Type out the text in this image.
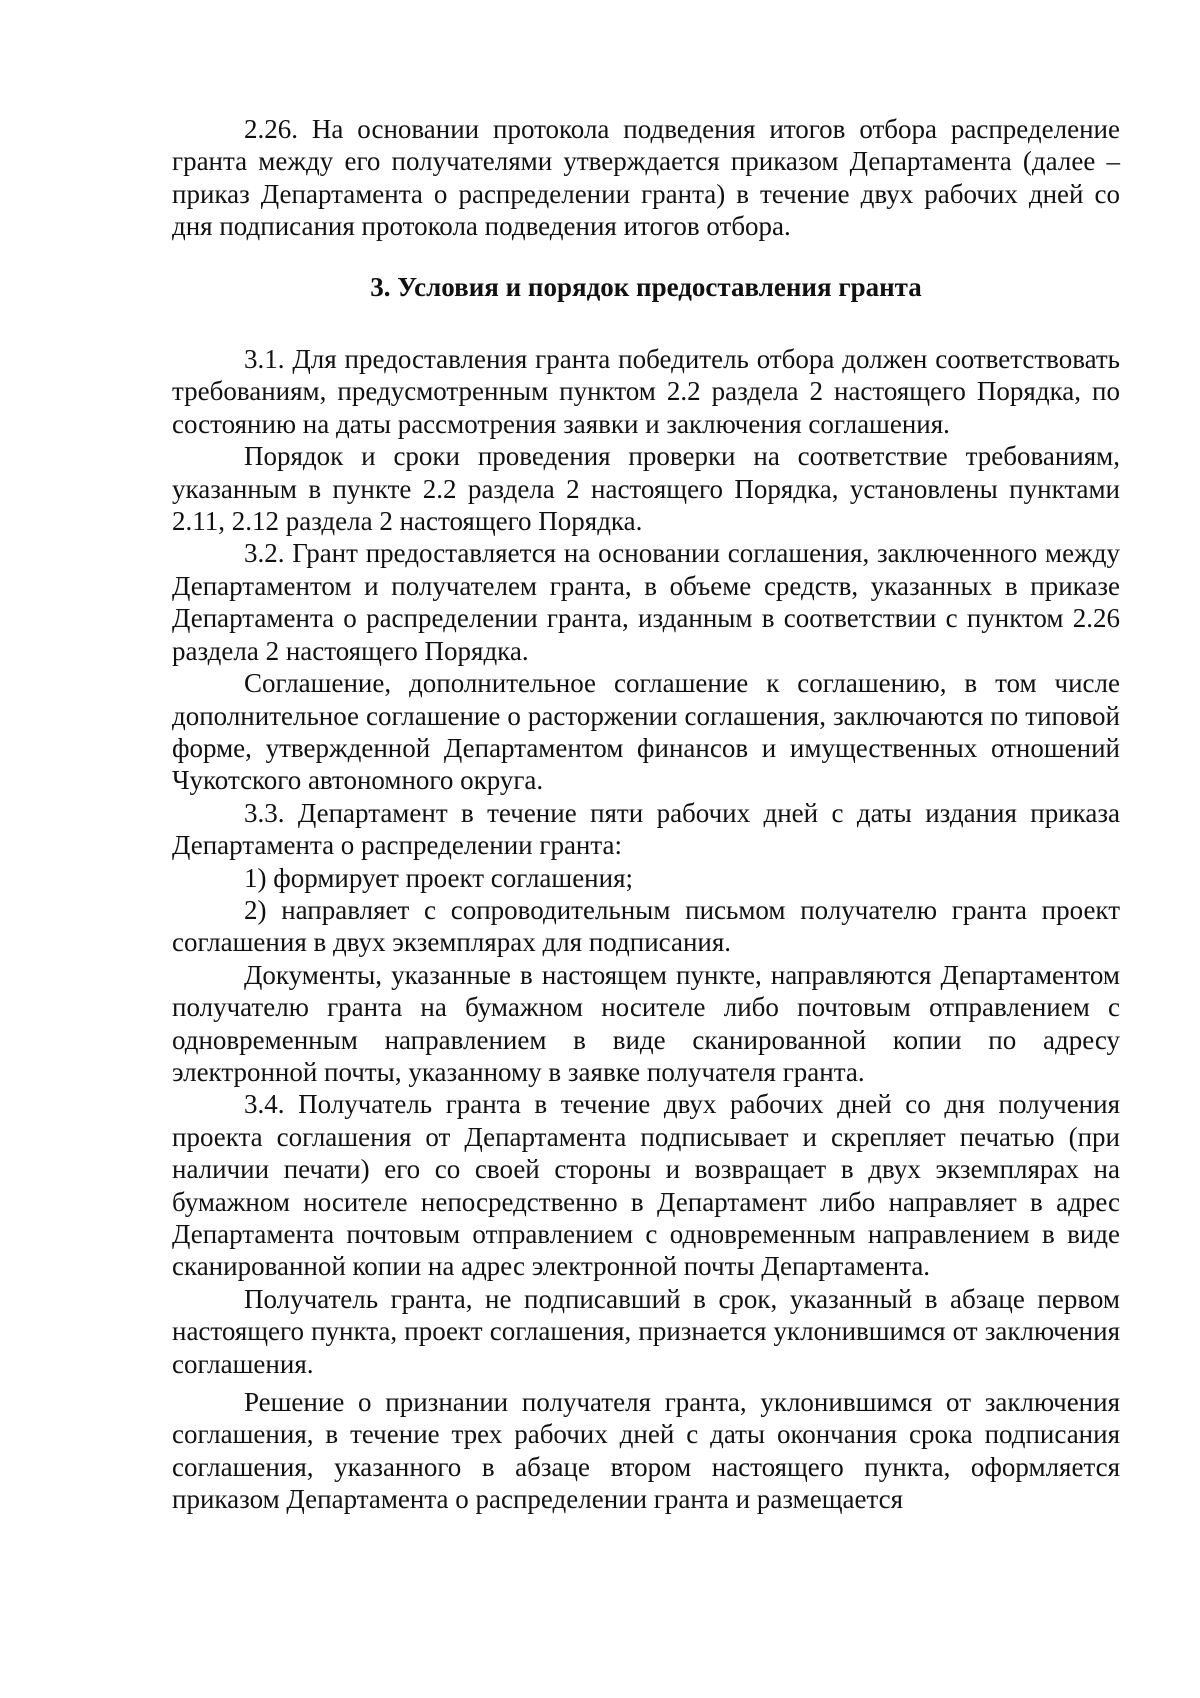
2.26. На основании протокола подведения итогов отбора распределение гранта между его получателями утверждается приказом Департамента (далее – приказ Департамента о распределении гранта) в течение двух рабочих дней со дня подписания протокола подведения итогов отбора.

3. Условия и порядок предоставления гранта

3.1. Для предоставления гранта победитель отбора должен соответствовать требованиям, предусмотренным пунктом 2.2 раздела 2 настоящего Порядка, по состоянию на даты рассмотрения заявки и заключения соглашения.

Порядок и сроки проведения проверки на соответствие требованиям, указанным в пункте 2.2 раздела 2 настоящего Порядка, установлены пунктами 2.11, 2.12 раздела 2 настоящего Порядка.

3.2. Грант предоставляется на основании соглашения, заключенного между Департаментом и получателем гранта, в объеме средств, указанных в приказе Департамента о распределении гранта, изданным в соответствии с пунктом 2.26 раздела 2 настоящего Порядка.

Соглашение, дополнительное соглашение к соглашению, в том числе дополнительное соглашение о расторжении соглашения, заключаются по типовой форме, утвержденной Департаментом финансов и имущественных отношений Чукотского автономного округа.

3.3. Департамент в течение пяти рабочих дней с даты издания приказа Департамента о распределении гранта:

1) формирует проект соглашения;

2) направляет с сопроводительным письмом получателю гранта проект соглашения в двух экземплярах для подписания.

Документы, указанные в настоящем пункте, направляются Департаментом получателю гранта на бумажном носителе либо почтовым отправлением с одновременным направлением в виде сканированной копии по адресу электронной почты, указанному в заявке получателя гранта.

3.4. Получатель гранта в течение двух рабочих дней со дня получения проекта соглашения от Департамента подписывает и скрепляет печатью (при наличии печати) его со своей стороны и возвращает в двух экземплярах на бумажном носителе непосредственно в Департамент либо направляет в адрес Департамента почтовым отправлением с одновременным направлением в виде сканированной копии на адрес электронной почты Департамента.

Получатель гранта, не подписавший в срок, указанный в абзаце первом настоящего пункта, проект соглашения, признается уклонившимся от заключения соглашения.

Решение о признании получателя гранта, уклонившимся от заключения соглашения, в течение трех рабочих дней с даты окончания срока подписания соглашения, указанного в абзаце втором настоящего пункта, оформляется приказом Департамента о распределении гранта и размещается
